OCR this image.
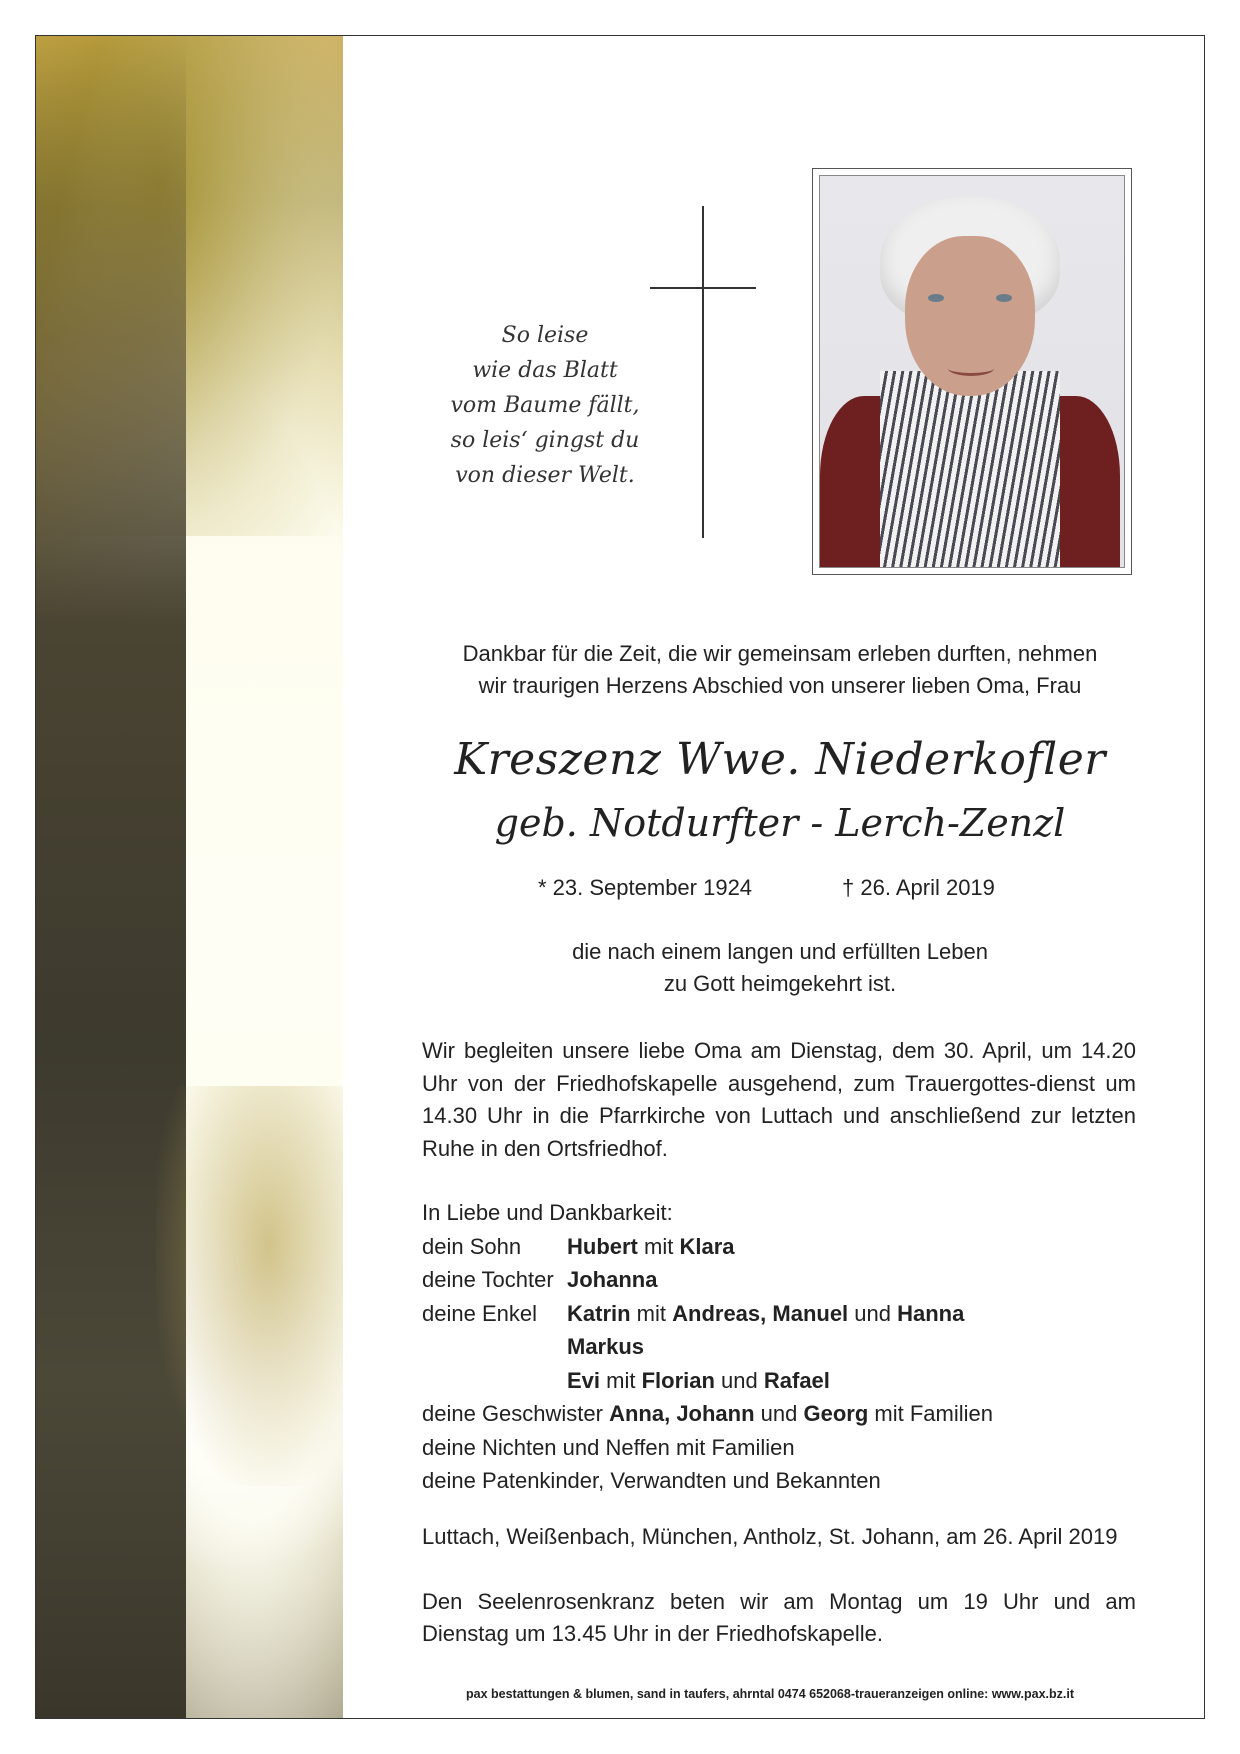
So leise
wie das Blatt
vom Baume fällt,
so leis‘ gingst du
von dieser Welt.
Dankbar für die Zeit, die wir gemeinsam erleben durften, nehmen
wir traurigen Herzens Abschied von unserer lieben Oma, Frau
Kreszenz Wwe. Niederkofler
geb. Notdurfter - Lerch-Zenzl
* 23. September 1924	† 26. April 2019
die nach einem langen und erfüllten Leben
zu Gott heimgekehrt ist.
Wir begleiten unsere liebe Oma am Dienstag, dem 30. April, um 14.20 Uhr von der Friedhofskapelle ausgehend, zum Trauergottes-dienst um 14.30 Uhr in die Pfarrkirche von Luttach und anschließend zur letzten Ruhe in den Ortsfriedhof.
In Liebe und Dankbarkeit:
dein Sohn Hubert mit Klara
deine Tochter Johanna
deine Enkel Katrin mit Andreas, Manuel und Hanna
Markus
Evi mit Florian und Rafael
deine Geschwister Anna, Johann und Georg mit Familien
deine Nichten und Neffen mit Familien
deine Patenkinder, Verwandten und Bekannten
Luttach, Weißenbach, München, Antholz, St. Johann, am 26. April 2019
Den Seelenrosenkranz beten wir am Montag um 19 Uhr und am Dienstag um 13.45 Uhr in der Friedhofskapelle.
pax bestattungen & blumen, sand in taufers, ahrntal 0474 652068-traueranzeigen online: www.pax.bz.it
